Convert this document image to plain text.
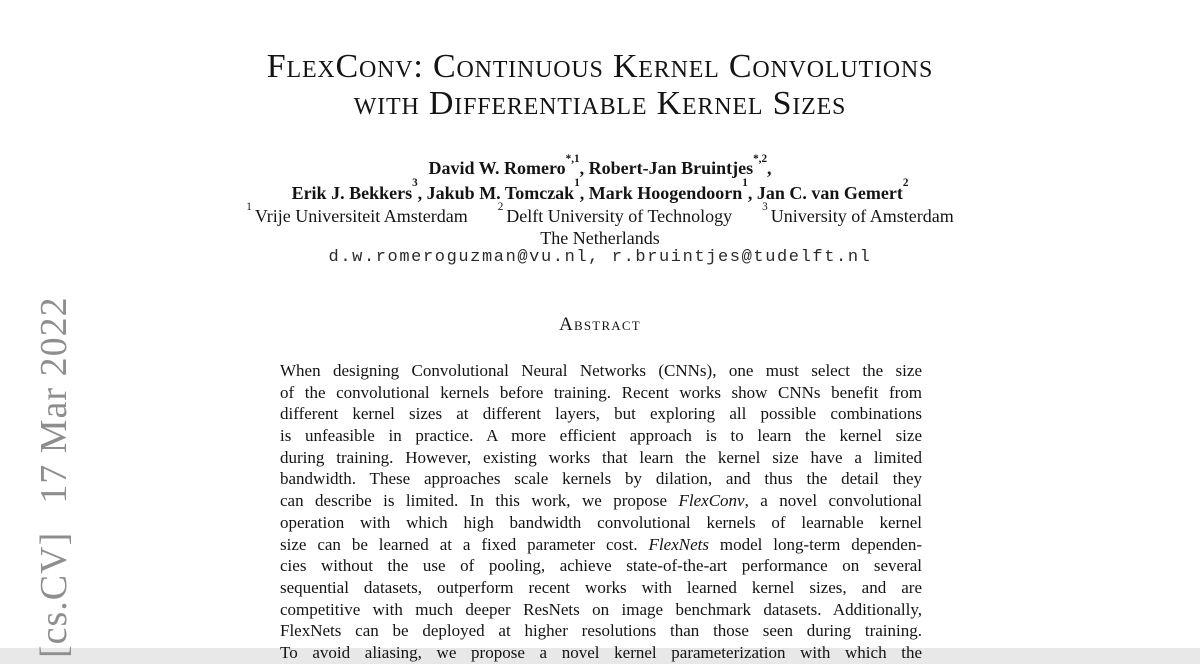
[cs.CV]17 Mar 2022
FlexConv: Continuous Kernel Convolutions
with Differentiable Kernel Sizes
David W. Romero$^{*,1}$, Robert-Jan Bruintjes$^{*,2}$,
Erik J. Bekkers$^3$, Jakub M. Tomczak$^1$, Mark Hoogendoorn$^1$, Jan C. van Gemert$^2$
$^1$ Vrije Universiteit Amsterdam	$^2$ Delft University of Technology	$^3$ University of Amsterdam
The Netherlands
d.w.romeroguzman@vu.nl, r.bruintjes@tudelft.nl
Abstract
When designing Convolutional Neural Networks (CNNs), one must select the size
of the convolutional kernels before training. Recent works show CNNs benefit from
different kernel sizes at different layers, but exploring all possible combinations
is unfeasible in practice. A more efficient approach is to learn the kernel size
during training. However, existing works that learn the kernel size have a limited
bandwidth. These approaches scale kernels by dilation, and thus the detail they
can describe is limited. In this work, we propose FlexConv, a novel convolutional
operation with which high bandwidth convolutional kernels of learnable kernel
size can be learned at a fixed parameter cost. FlexNets model long-term dependen-
cies without the use of pooling, achieve state-of-the-art performance on several
sequential datasets, outperform recent works with learned kernel sizes, and are
competitive with much deeper ResNets on image benchmark datasets. Additionally,
FlexNets can be deployed at higher resolutions than those seen during training.
To avoid aliasing, we propose a novel kernel parameterization with which the
